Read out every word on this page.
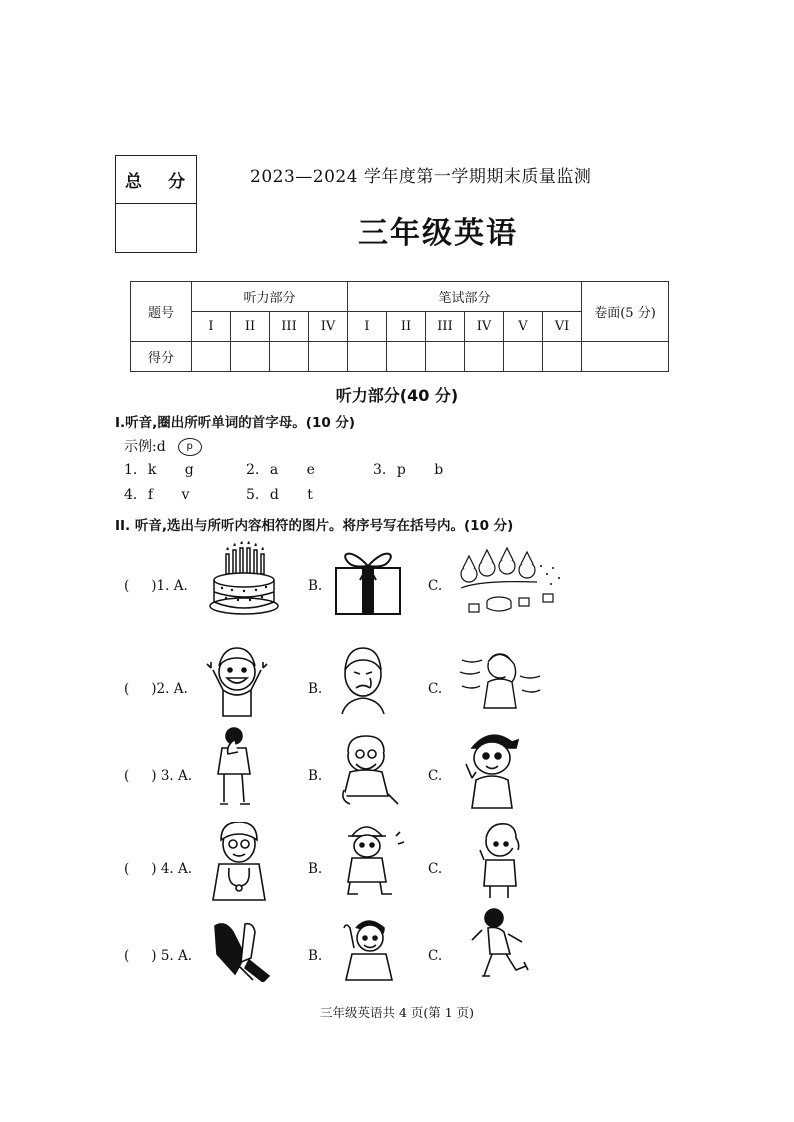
总 分	2023—2024 学年度第一学期期末质量监测
三年级英语
题号	听力部分				笔试部分						卷面(5 分)
	I	II	III	IV	I	II	III	IV	V	VI	
得分											
听力部分(40 分)
I.听音,圈出所听单词的首字母。(10 分)
示例:d p
1. k g	2. a e	3. p b
4. f v	5. d t
II. 听音,选出与所听内容相符的图片。将序号写在括号内。(10 分)
( )1. A.	B.	C.
( )2. A.	B.	C.
( ) 3. A.	B.	C.
( ) 4. A.	B.	C.
( ) 5. A.	B.	C.
三年级英语共 4 页(第 1 页)
